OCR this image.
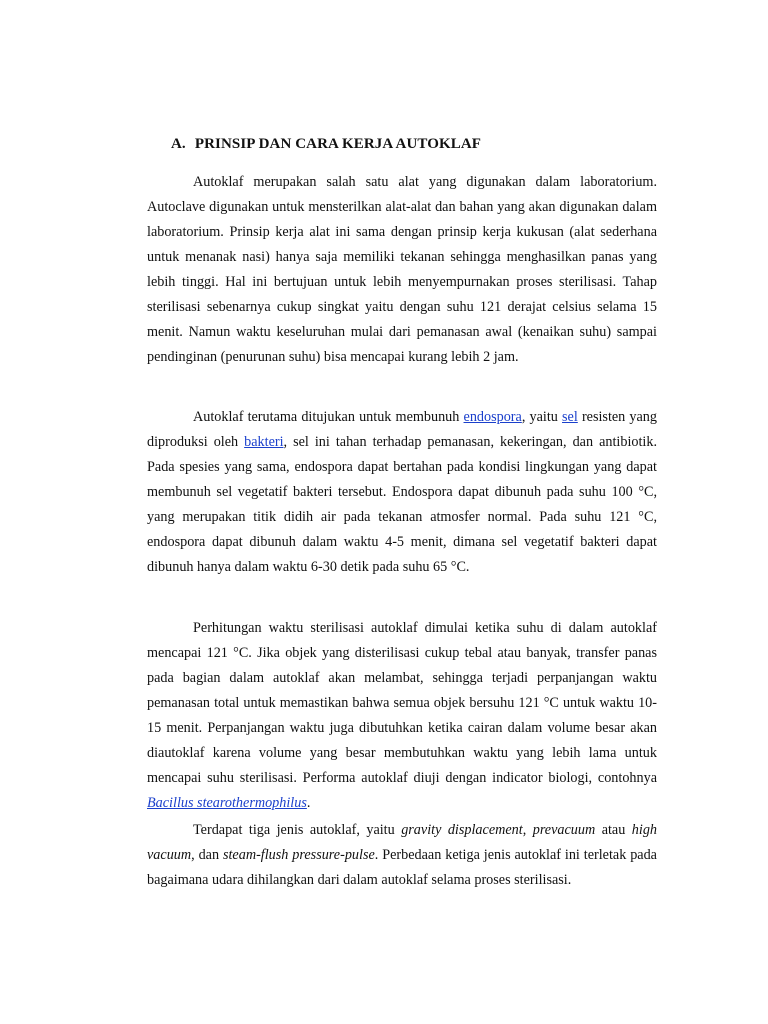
A. PRINSIP DAN CARA KERJA AUTOKLAF

Autoklaf merupakan salah satu alat yang digunakan dalam laboratorium. Autoclave digunakan untuk mensterilkan alat-alat dan bahan yang akan digunakan dalam laboratorium. Prinsip kerja alat ini sama dengan prinsip kerja kukusan (alat sederhana untuk menanak nasi) hanya saja memiliki tekanan sehingga menghasilkan panas yang lebih tinggi. Hal ini bertujuan untuk lebih menyempurnakan proses sterilisasi. Tahap sterilisasi sebenarnya cukup singkat yaitu dengan suhu 121 derajat celsius selama 15 menit. Namun waktu keseluruhan mulai dari pemanasan awal (kenaikan suhu) sampai pendinginan (penurunan suhu) bisa mencapai kurang lebih 2 jam.

Autoklaf terutama ditujukan untuk membunuh endospora, yaitu sel resisten yang diproduksi oleh bakteri, sel ini tahan terhadap pemanasan, kekeringan, dan antibiotik. Pada spesies yang sama, endospora dapat bertahan pada kondisi lingkungan yang dapat membunuh sel vegetatif bakteri tersebut. Endospora dapat dibunuh pada suhu 100 °C, yang merupakan titik didih air pada tekanan atmosfer normal. Pada suhu 121 °C, endospora dapat dibunuh dalam waktu 4-5 menit, dimana sel vegetatif bakteri dapat dibunuh hanya dalam waktu 6-30 detik pada suhu 65 °C.

Perhitungan waktu sterilisasi autoklaf dimulai ketika suhu di dalam autoklaf mencapai 121 °C. Jika objek yang disterilisasi cukup tebal atau banyak, transfer panas pada bagian dalam autoklaf akan melambat, sehingga terjadi perpanjangan waktu pemanasan total untuk memastikan bahwa semua objek bersuhu 121 °C untuk waktu 10-15 menit. Perpanjangan waktu juga dibutuhkan ketika cairan dalam volume besar akan diautoklaf karena volume yang besar membutuhkan waktu yang lebih lama untuk mencapai suhu sterilisasi. Performa autoklaf diuji dengan indicator biologi, contohnya Bacillus stearothermophilus.

Terdapat tiga jenis autoklaf, yaitu gravity displacement, prevacuum atau high vacuum, dan steam-flush pressure-pulse. Perbedaan ketiga jenis autoklaf ini terletak pada bagaimana udara dihilangkan dari dalam autoklaf selama proses sterilisasi.
